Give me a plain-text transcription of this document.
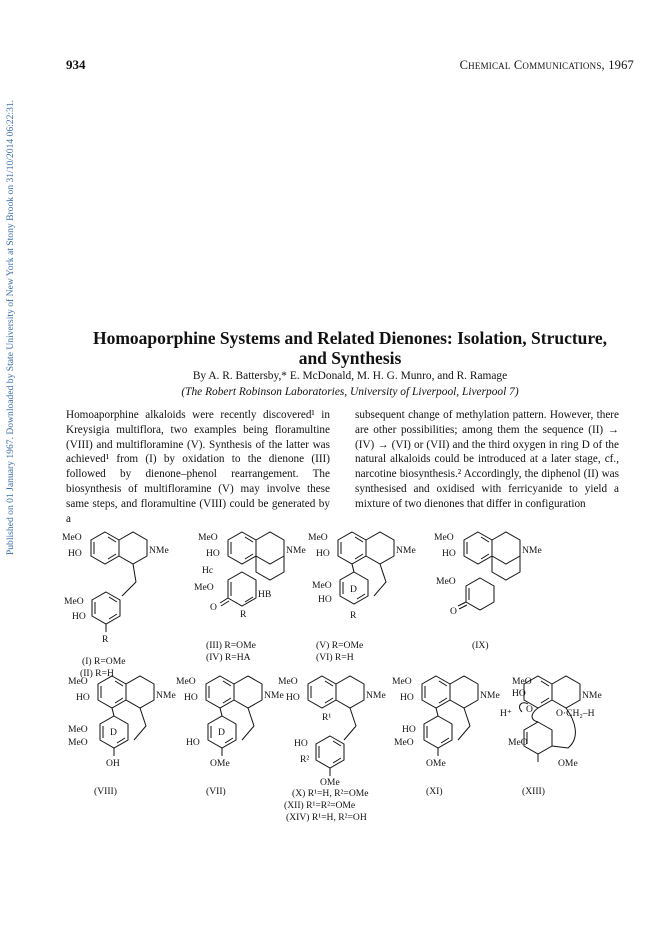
Published on 01 January 1967. Downloaded by State University of New York at Stony Brook on 31/10/2014 06:22:31.
934	Chemical Communications, 1967
Homoaporphine Systems and Related Dienones: Isolation, Structure,
and Synthesis
By A. R. Battersby,* E. McDonald, M. H. G. Munro, and R. Ramage
(The Robert Robinson Laboratories, University of Liverpool, Liverpool 7)

Homoaporphine alkaloids were recently discovered¹ in Kreysigia multiflora, two examples being floramultine (VIII) and multifloramine (V). Synthesis of the latter was achieved¹ from (I) by oxidation to the dienone (III) followed by dienone–phenol rearrangement. The biosynthesis of multifloramine (V) may involve these same steps, and floramultine (VIII) could be generated by a

subsequent change of methylation pattern. However, there are other possibilities; among them the sequence (II) → (IV) → (VI) or (VII) and the third oxygen in ring D of the natural alkaloids could be introduced at a later stage, cf., narcotine biosynthesis.² Accordingly, the diphenol (II) was synthesised and oxidised with ferricyanide to yield a mixture of two dienones that differ in configuration

MeO
HO	NMe
MeO
HO
R
(I) R=OMe
(II) R=H
MeO
HO	NMe
Hc
MeO
HB
O
R
(III) R=OMe
(IV) R=HA
MeO
HO	NMe
D
MeO
HO
R
(V) R=OMe
(VI) R=H
MeO
HO	NMe
MeO
O
(IX)
MeO
HO	NMe
D
MeO
MeO
OH
(VIII)
MeO
HO	NMe
D
HO
OMe
(VII)
MeO
HO	NMe
R¹
HO
R²
OMe
(X) R¹=H, R²=OMe
(XII) R¹=R²=OMe
(XIV) R¹=H, R²=OH
MeO
HO	NMe
HO
MeO
OMe
(XI)
MeO
HO	NMe
H⁺ O O·CH₂–H
MeO
OMe
(XIII)
